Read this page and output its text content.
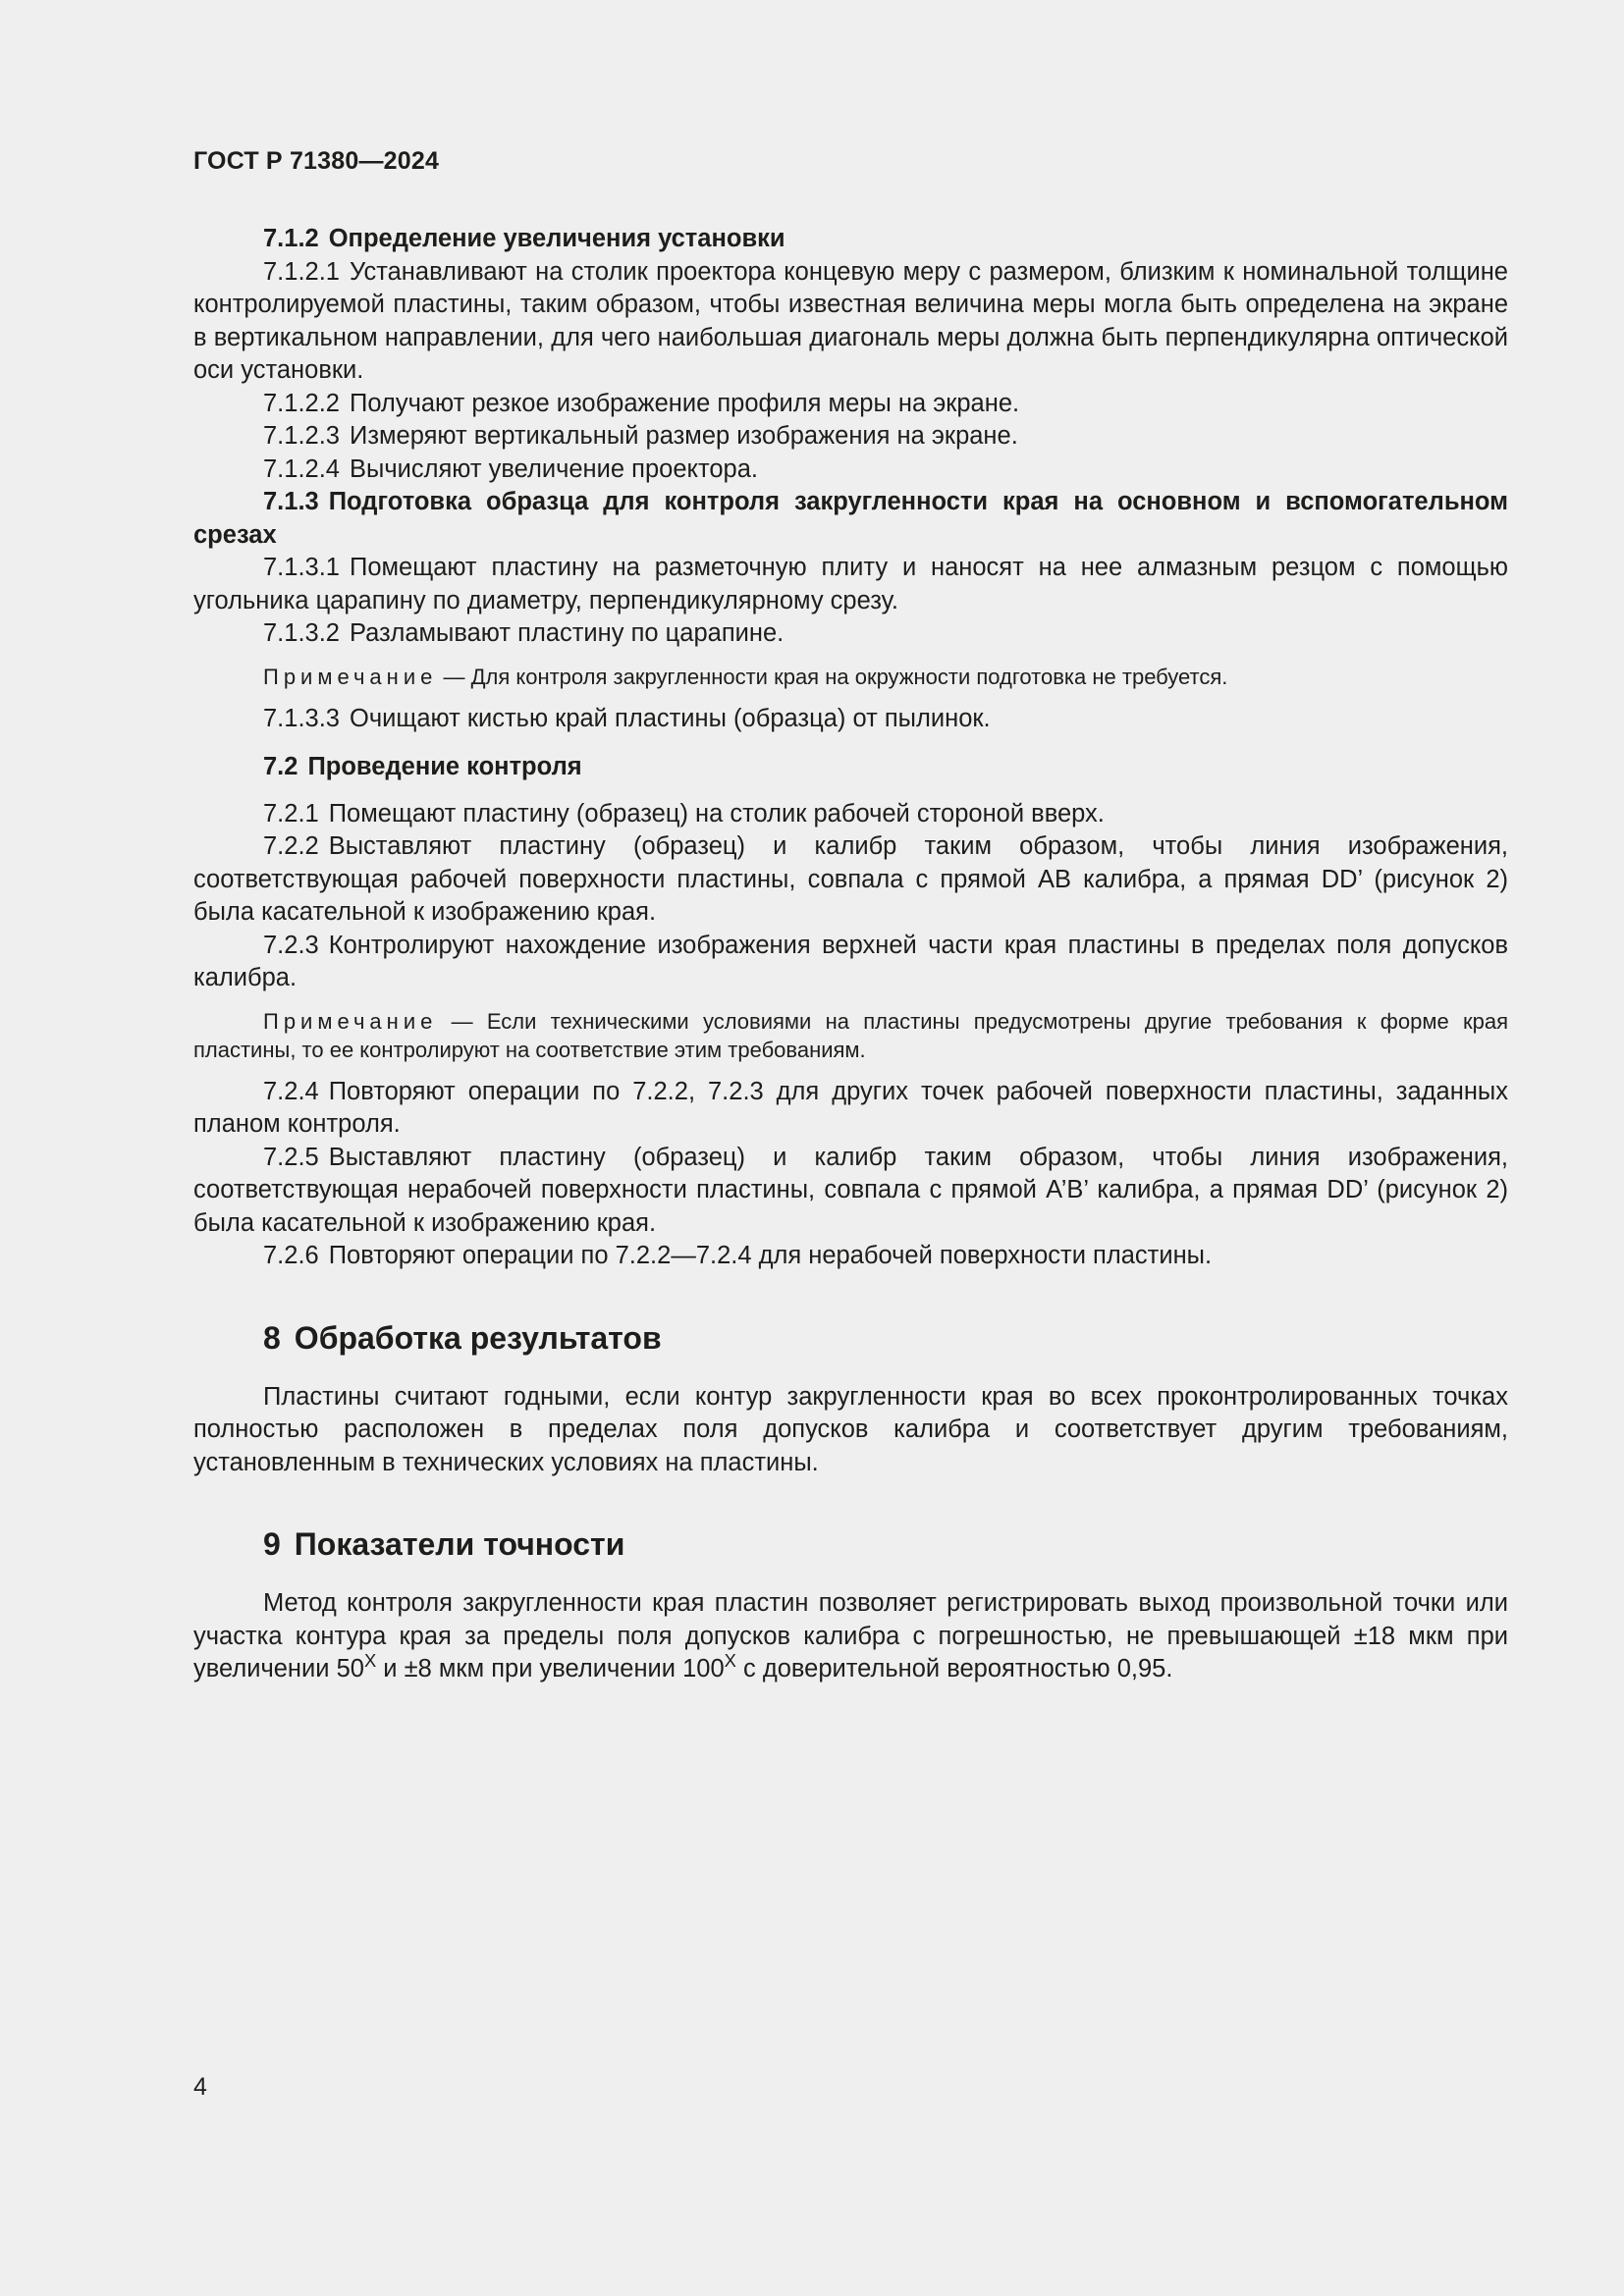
ГОСТ Р 71380—2024

7.1.2 Определение увеличения установки

7.1.2.1 Устанавливают на столик проектора концевую меру с размером, близким к номинальной толщине контролируемой пластины, таким образом, чтобы известная величина меры могла быть определена на экране в вертикальном направлении, для чего наибольшая диагональ меры должна быть перпендикулярна оптической оси установки.

7.1.2.2 Получают резкое изображение профиля меры на экране.

7.1.2.3 Измеряют вертикальный размер изображения на экране.

7.1.2.4 Вычисляют увеличение проектора.

7.1.3 Подготовка образца для контроля закругленности края на основном и вспомогательном срезах

7.1.3.1 Помещают пластину на разметочную плиту и наносят на нее алмазным резцом с помощью угольника царапину по диаметру, перпендикулярному срезу.

7.1.3.2 Разламывают пластину по царапине.

Примечание — Для контроля закругленности края на окружности подготовка не требуется.

7.1.3.3 Очищают кистью край пластины (образца) от пылинок.

7.2 Проведение контроля

7.2.1 Помещают пластину (образец) на столик рабочей стороной вверх.

7.2.2 Выставляют пластину (образец) и калибр таким образом, чтобы линия изображения, соответствующая рабочей поверхности пластины, совпала с прямой АВ калибра, а прямая DD’ (рисунок 2) была касательной к изображению края.

7.2.3 Контролируют нахождение изображения верхней части края пластины в пределах поля допусков калибра.

Примечание — Если техническими условиями на пластины предусмотрены другие требования к форме края пластины, то ее контролируют на соответствие этим требованиям.

7.2.4 Повторяют операции по 7.2.2, 7.2.3 для других точек рабочей поверхности пластины, заданных планом контроля.

7.2.5 Выставляют пластину (образец) и калибр таким образом, чтобы линия изображения, соответствующая нерабочей поверхности пластины, совпала с прямой А’В’ калибра, а прямая DD’ (рисунок 2) была касательной к изображению края.

7.2.6 Повторяют операции по 7.2.2—7.2.4 для нерабочей поверхности пластины.

8 Обработка результатов

Пластины считают годными, если контур закругленности края во всех проконтролированных точках полностью расположен в пределах поля допусков калибра и соответствует другим требованиям, установленным в технических условиях на пластины.

9 Показатели точности

Метод контроля закругленности края пластин позволяет регистрировать выход произвольной точки или участка контура края за пределы поля допусков калибра с погрешностью, не превышающей ±18 мкм при увеличении $50^X$ и ±8 мкм при увеличении $100^X$ с доверительной вероятностью 0,95.

4
